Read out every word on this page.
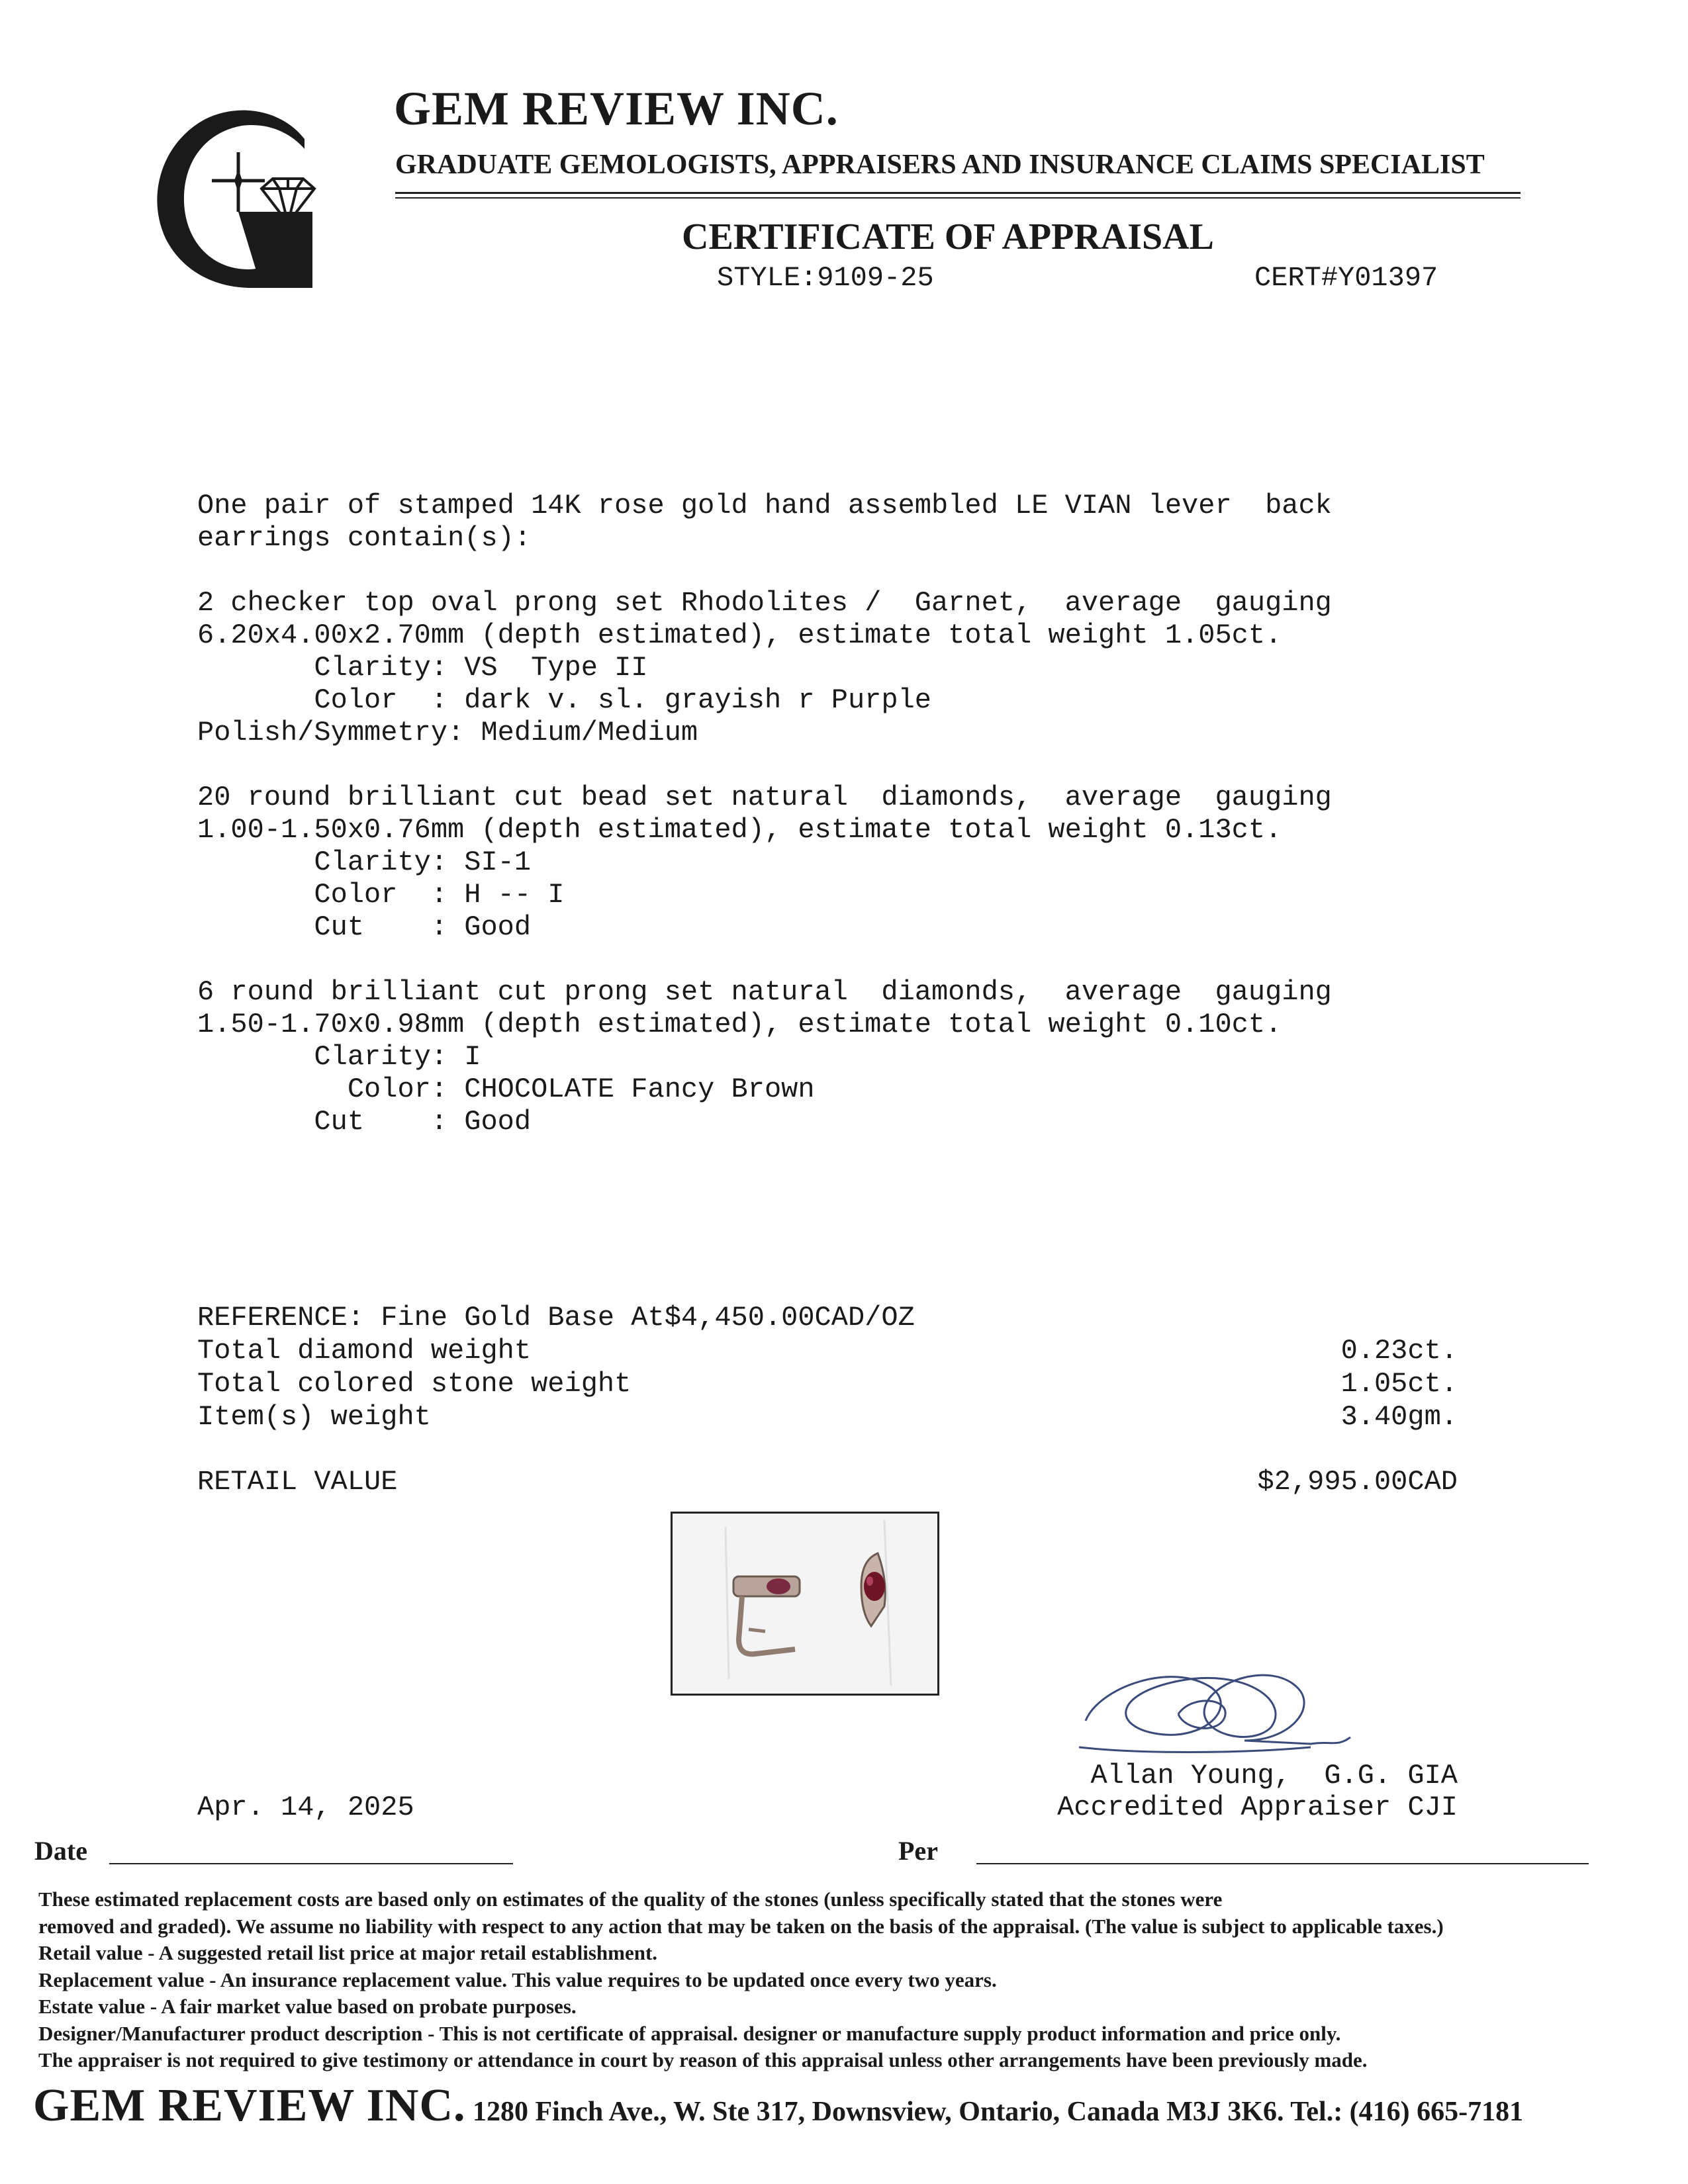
GEM REVIEW INC.
GRADUATE GEMOLOGISTS, APPRAISERS AND INSURANCE CLAIMS SPECIALIST
CERTIFICATE OF APPRAISAL
STYLE:9109-25	CERT#Y01397
One pair of stamped 14K rose gold hand assembled LE VIAN lever  back
earrings contain(s):
2 checker top oval prong set Rhodolites /  Garnet,  average  gauging
6.20x4.00x2.70mm (depth estimated), estimate total weight 1.05ct.
Clarity: VS  Type II
Color  : dark v. sl. grayish r Purple
Polish/Symmetry: Medium/Medium
20 round brilliant cut bead set natural  diamonds,  average  gauging
1.00-1.50x0.76mm (depth estimated), estimate total weight 0.13ct.
Clarity: SI-1
Color  : H -- I
Cut    : Good
6 round brilliant cut prong set natural  diamonds,  average  gauging
1.50-1.70x0.98mm (depth estimated), estimate total weight 0.10ct.
Clarity: I
Color: CHOCOLATE Fancy Brown
Cut    : Good
REFERENCE: Fine Gold Base At$4,450.00CAD/OZ
Total diamond weight	0.23ct.
Total colored stone weight	1.05ct.
Item(s) weight	3.40gm.
RETAIL VALUE	$2,995.00CAD
Allan Young,  G.G. GIA
Accredited Appraiser CJI
Apr. 14, 2025
Date	Per
These estimated replacement costs are based only on estimates of the quality of the stones (unless specifically stated that the stones were
removed and graded). We assume no liability with respect to any action that may be taken on the basis of the appraisal. (The value is subject to applicable taxes.)
Retail value - A suggested retail list price at major retail establishment.
Replacement value - An insurance replacement value. This value requires to be updated once every two years.
Estate value - A fair market value based on probate purposes.
Designer/Manufacturer product description - This is not certificate of appraisal. designer or manufacture supply product information and price only.
The appraiser is not required to give testimony or attendance in court by reason of this appraisal unless other arrangements have been previously made.
GEM REVIEW INC. 1280 Finch Ave., W. Ste 317, Downsview, Ontario, Canada M3J 3K6. Tel.: (416) 665-7181
